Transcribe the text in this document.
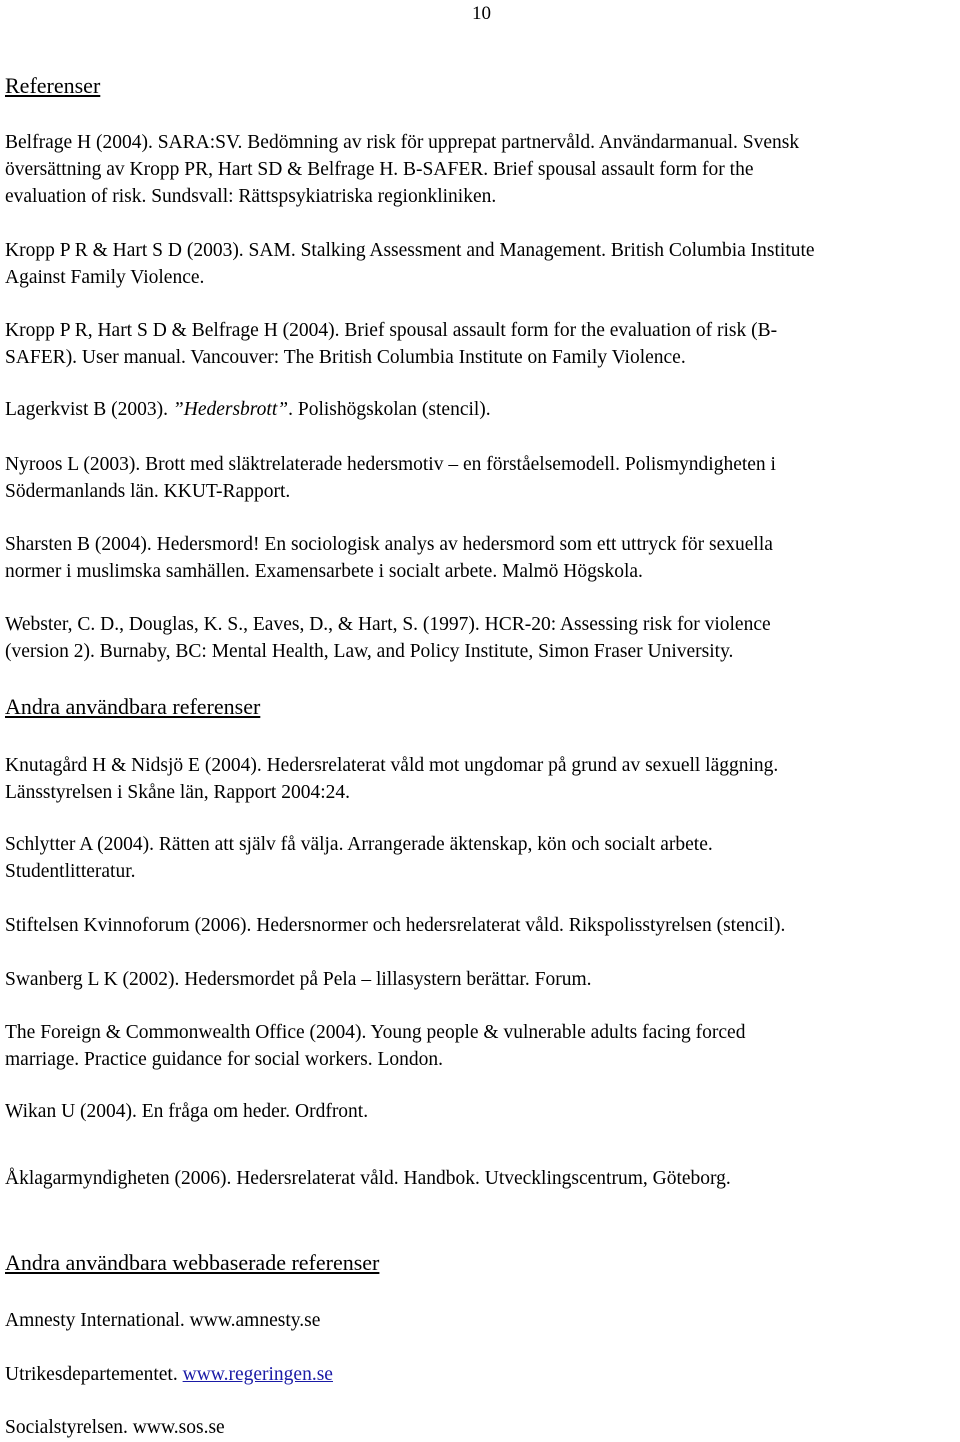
10
Referenser
Belfrage H (2004). SARA:SV. Bedömning av risk för upprepat partnervåld. Användarmanual. Svensk
översättning av Kropp PR, Hart SD & Belfrage H. B-SAFER. Brief spousal assault form for the
evaluation of risk. Sundsvall: Rättspsykiatriska regionkliniken.
Kropp P R & Hart S D (2003). SAM. Stalking Assessment and Management. British Columbia Institute
Against Family Violence.
Kropp P R, Hart S D & Belfrage H (2004). Brief spousal assault form for the evaluation of risk (B-
SAFER). User manual. Vancouver: The British Columbia Institute on Family Violence.
Lagerkvist B (2003). ”Hedersbrott”. Polishögskolan (stencil).
Nyroos L (2003). Brott med släktrelaterade hedersmotiv – en förståelsemodell. Polismyndigheten i
Södermanlands län. KKUT-Rapport.
Sharsten B (2004). Hedersmord! En sociologisk analys av hedersmord som ett uttryck för sexuella
normer i muslimska samhällen. Examensarbete i socialt arbete. Malmö Högskola.
Webster, C. D., Douglas, K. S., Eaves, D., & Hart, S. (1997). HCR-20: Assessing risk for violence
(version 2). Burnaby, BC: Mental Health, Law, and Policy Institute, Simon Fraser University.
Andra användbara referenser
Knutagård H & Nidsjö E (2004). Hedersrelaterat våld mot ungdomar på grund av sexuell läggning.
Länsstyrelsen i Skåne län, Rapport 2004:24.
Schlytter A (2004). Rätten att själv få välja. Arrangerade äktenskap, kön och socialt arbete.
Studentlitteratur.
Stiftelsen Kvinnoforum (2006). Hedersnormer och hedersrelaterat våld. Rikspolisstyrelsen (stencil).
Swanberg L K (2002). Hedersmordet på Pela – lillasystern berättar. Forum.
The Foreign & Commonwealth Office (2004). Young people & vulnerable adults facing forced
marriage. Practice guidance for social workers. London.
Wikan U (2004). En fråga om heder. Ordfront.
Åklagarmyndigheten (2006). Hedersrelaterat våld. Handbok. Utvecklingscentrum, Göteborg.
Andra användbara webbaserade referenser
Amnesty International. www.amnesty.se
Utrikesdepartementet. www.regeringen.se
Socialstyrelsen. www.sos.se
